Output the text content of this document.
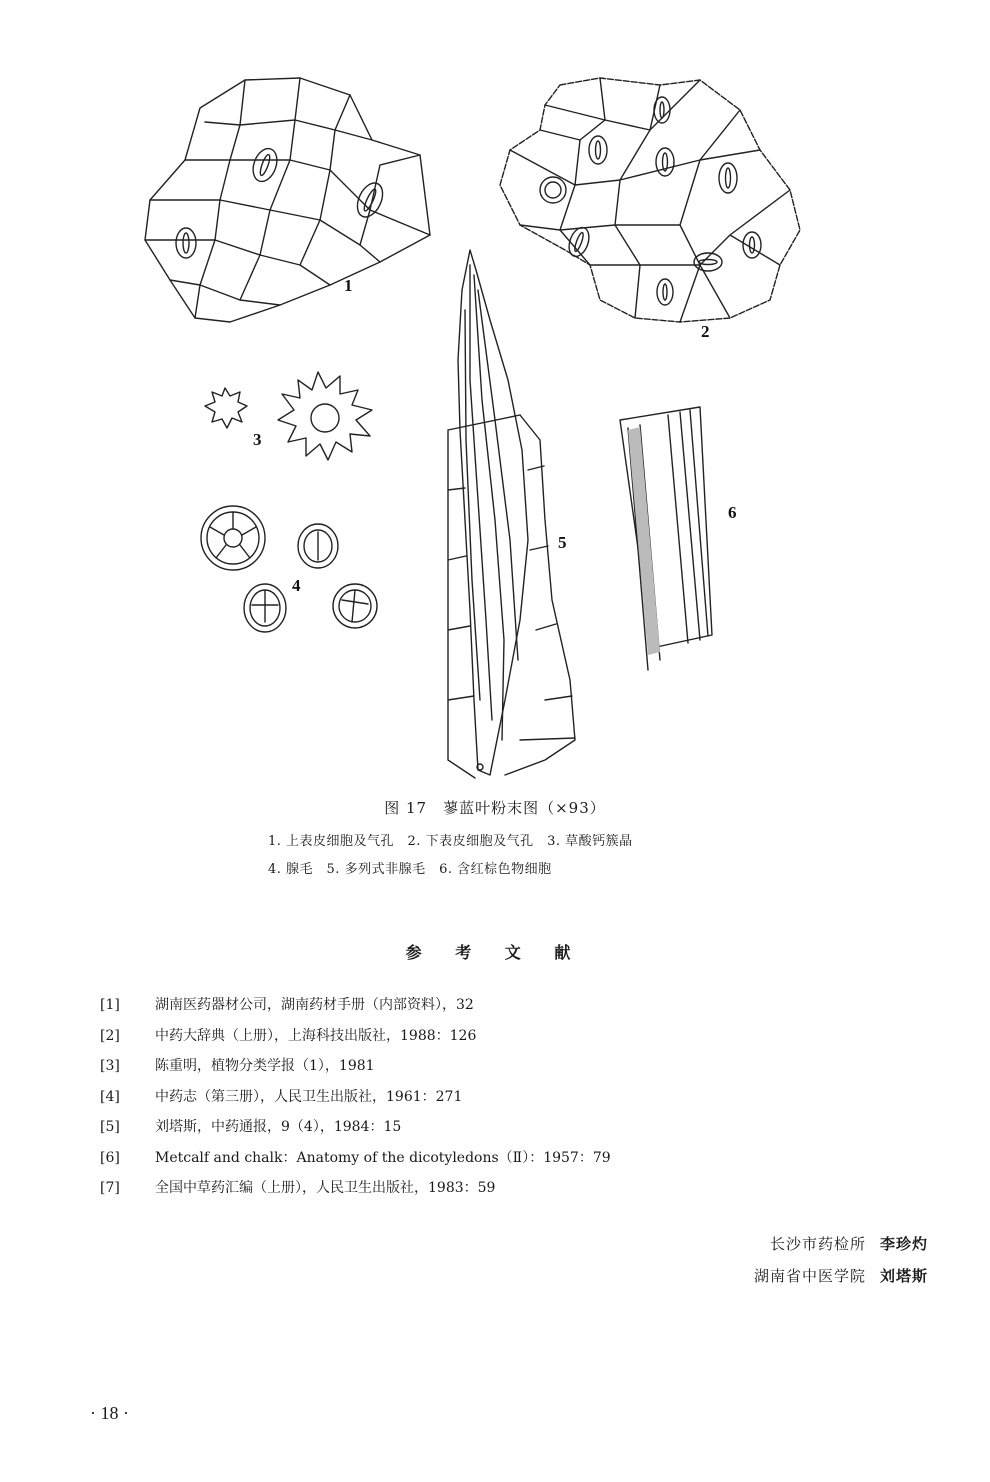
1
2
3
4
5
6
图 17　蓼蓝叶粉末图（×93）
1. 上表皮细胞及气孔　2. 下表皮细胞及气孔　3. 草酸钙簇晶
4. 腺毛　5. 多列式非腺毛　6. 含红棕色物细胞
参 考 文 献
[1]	湖南医药器材公司，湖南药材手册（内部资料），32
[2]	中药大辞典（上册），上海科技出版社，1988：126
[3]	陈重明，植物分类学报（1），1981
[4]	中药志（第三册），人民卫生出版社，1961：271
[5]	刘塔斯，中药通报，9（4），1984：15
[6]	Metcalf and chalk：Anatomy of the dicotyledons（Ⅱ）：1957：79
[7]	全国中草药汇编（上册），人民卫生出版社，1983：59
长沙市药检所 李珍灼
湖南省中医学院 刘塔斯
· 18 ·
